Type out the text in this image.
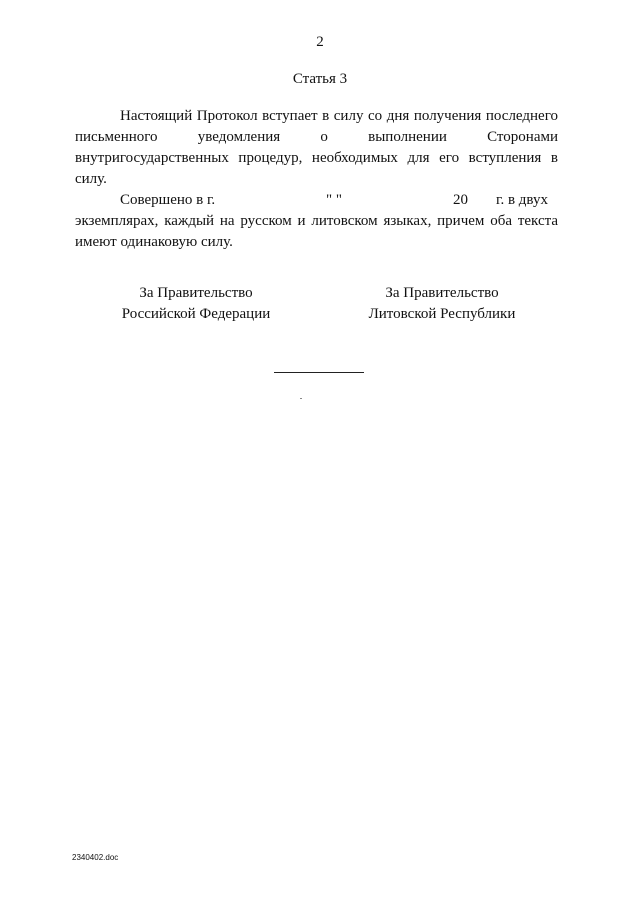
2
Статья 3
Настоящий Протокол вступает в силу со дня получения последнего письменного уведомления о выполнении Сторонами внутригосударственных процедур, необходимых для его вступления в силу.
Совершено в г.	" "	20 г. в двух
экземплярах, каждый на русском и литовском языках, причем оба текста имеют одинаковую силу.
За Правительство
Российской Федерации
За Правительство
Литовской Республики
2340402.doc
